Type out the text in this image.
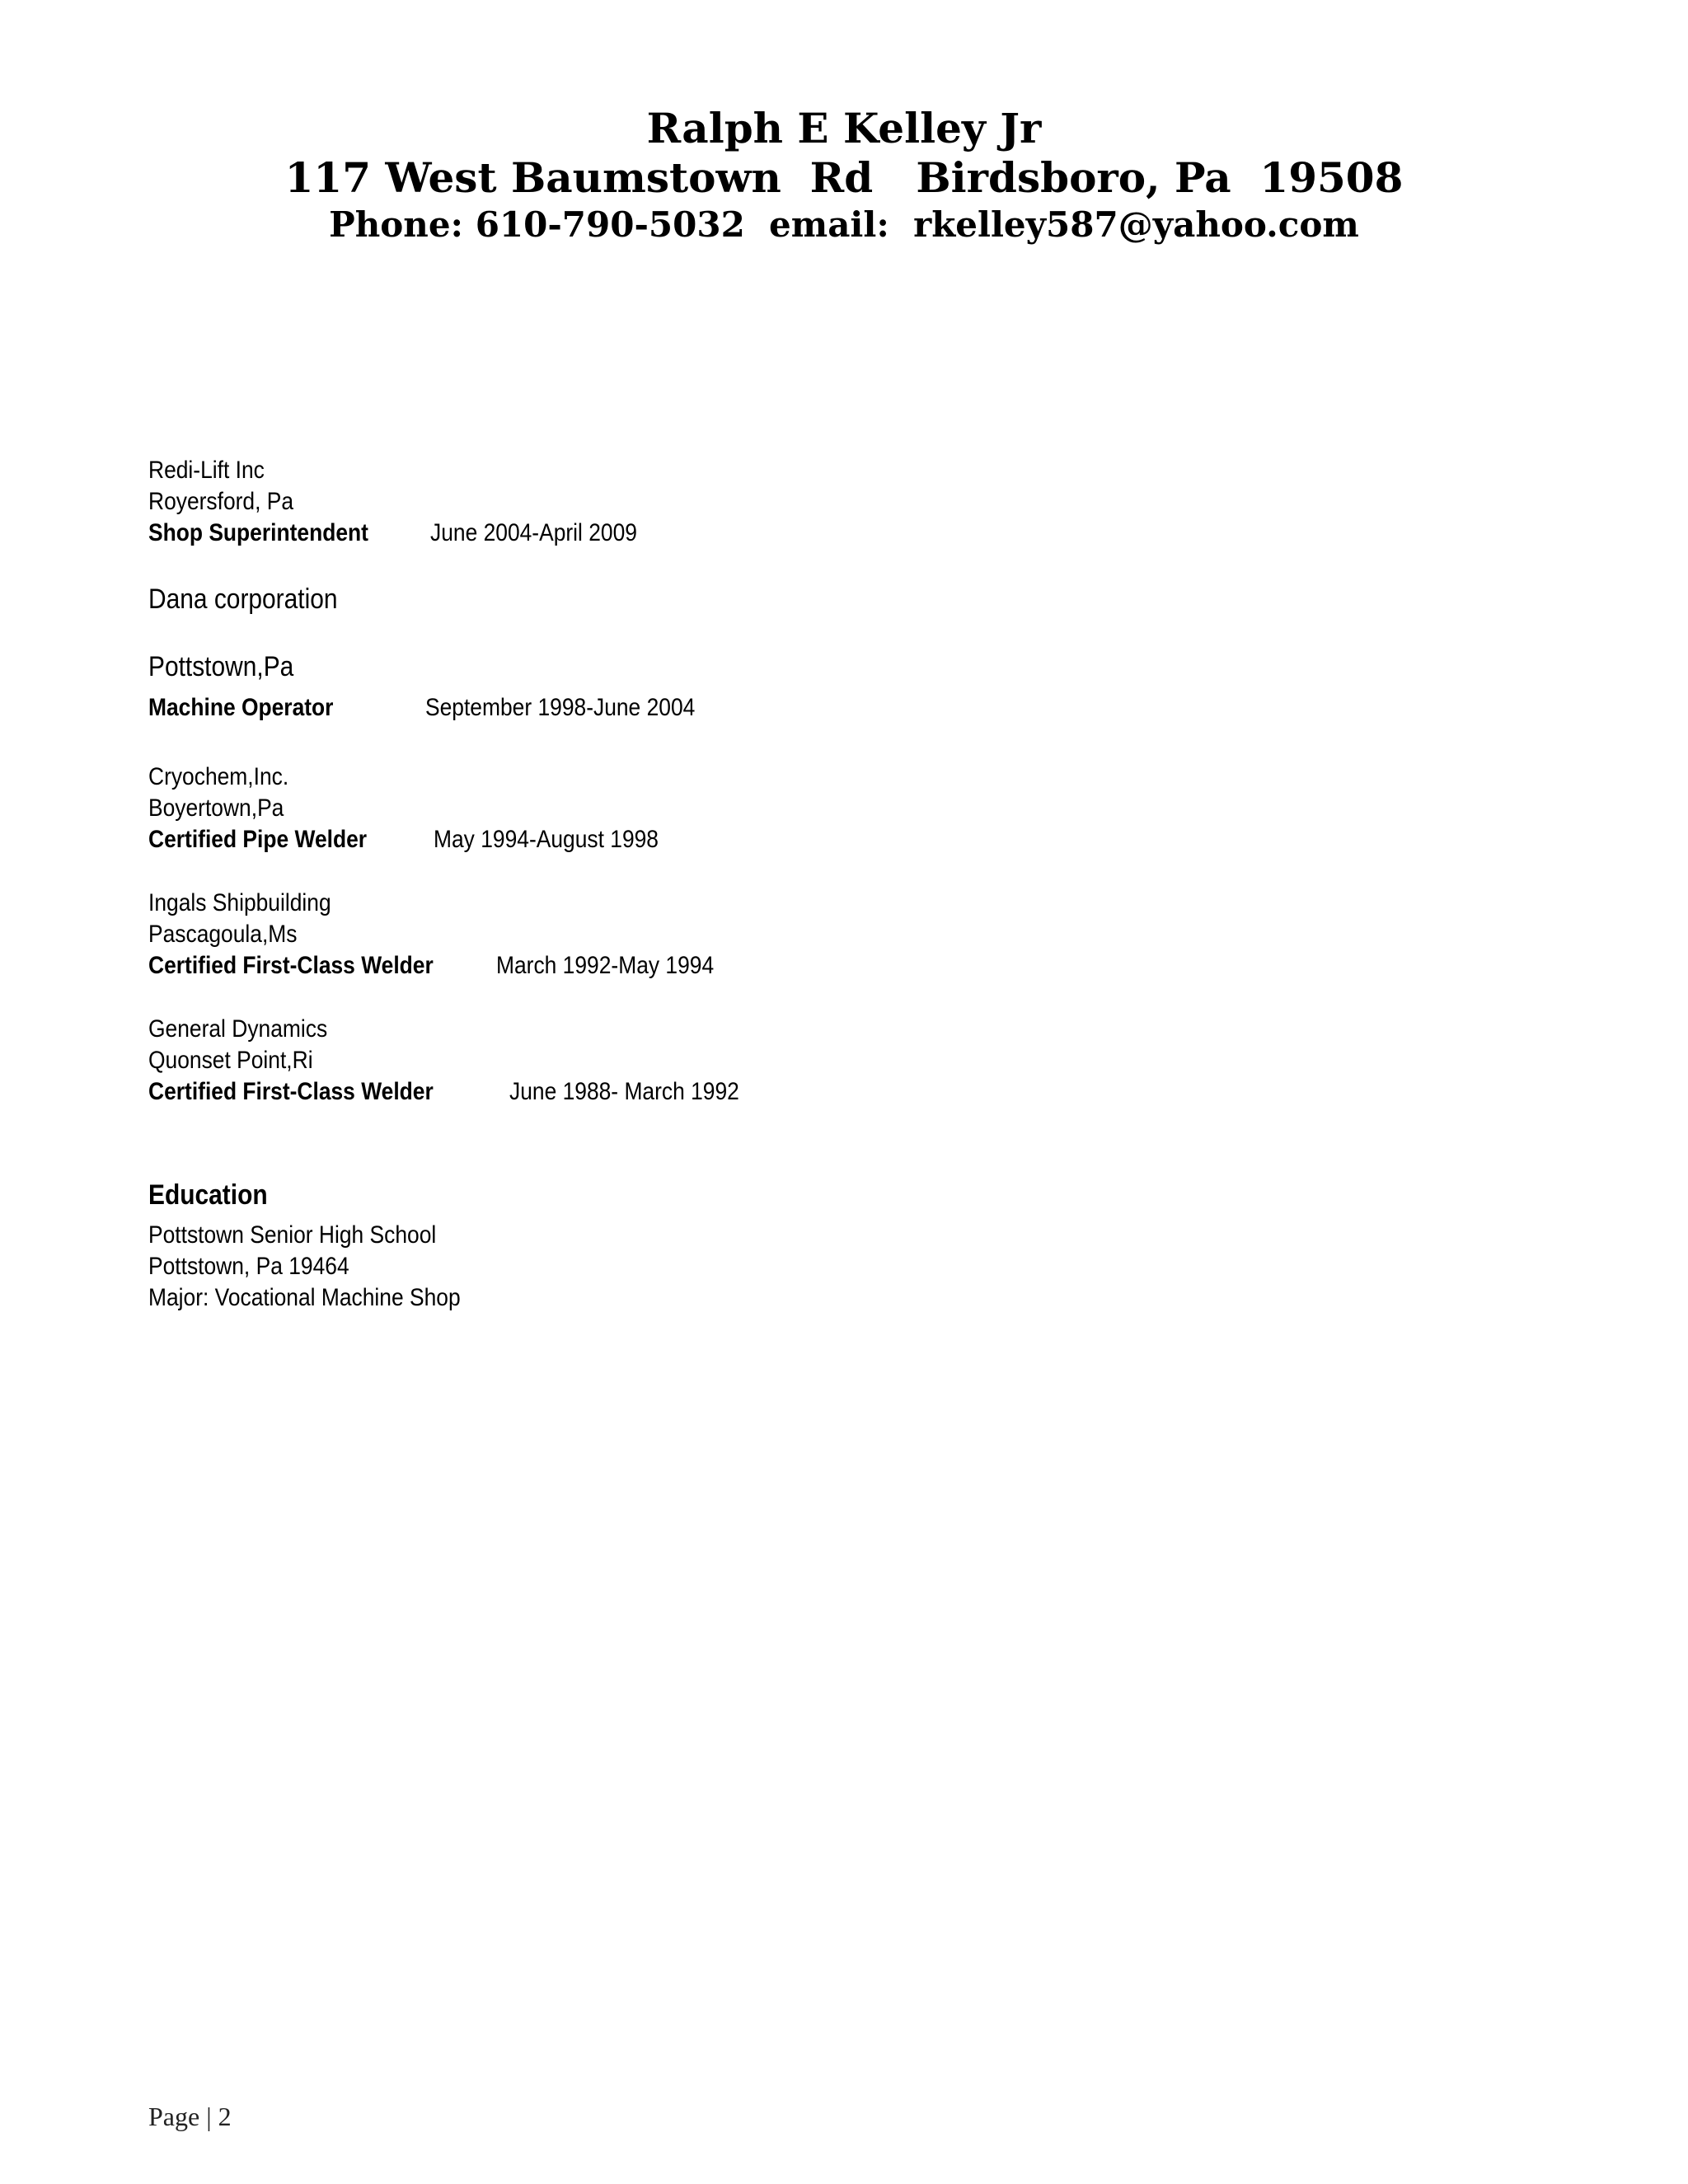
Ralph E Kelley Jr
117 West Baumstown  Rd   Birdsboro, Pa  19508
Phone: 610-790-5032  email:  rkelley587@yahoo.com
Redi-Lift Inc
Royersford, Pa
Shop Superintendent	June 2004-April 2009
Dana corporation
Pottstown,Pa
Machine Operator	September 1998-June 2004
Cryochem,Inc.
Boyertown,Pa
Certified Pipe Welder	May 1994-August 1998
Ingals Shipbuilding
Pascagoula,Ms
Certified First-Class Welder	March 1992-May 1994
General Dynamics
Quonset Point,Ri
Certified First-Class Welder	June 1988- March 1992
Education
Pottstown Senior High School
Pottstown, Pa 19464
Major: Vocational Machine Shop
Page | 2
